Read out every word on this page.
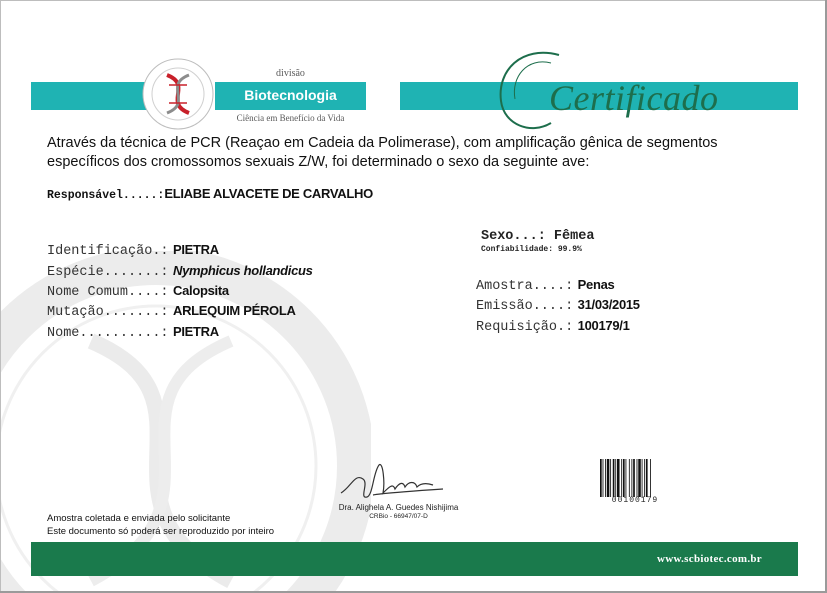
divisão
Biotecnologia
Ciência em Benefício da Vida	Certificado
Através da técnica de PCR (Reaçao em Cadeia da Polimerase), com amplificação gênica de segmentos específicos dos cromossomos sexuais Z/W, foi determinado o sexo da seguinte ave:
Responsável.....:ELIABE ALVACETE DE CARVALHO
Identificação.: PIETRA
Espécie.......: Nymphicus hollandicus
Nome Comum....: Calopsita
Mutação.......: ARLEQUIM PÉROLA
Nome..........: PIETRA
Sexo...: Fêmea
Confiabilidade: 99.9%
Amostra....: Penas
Emissão....: 31/03/2015
Requisição.: 100179/1
Dra. Alighela A. Guedes Nishijima
CRBio - 66947/07-D
00100179
Amostra coletada e enviada pelo solicitante
Este documento só poderá ser reproduzido por inteiro
www.scbiotec.com.br
